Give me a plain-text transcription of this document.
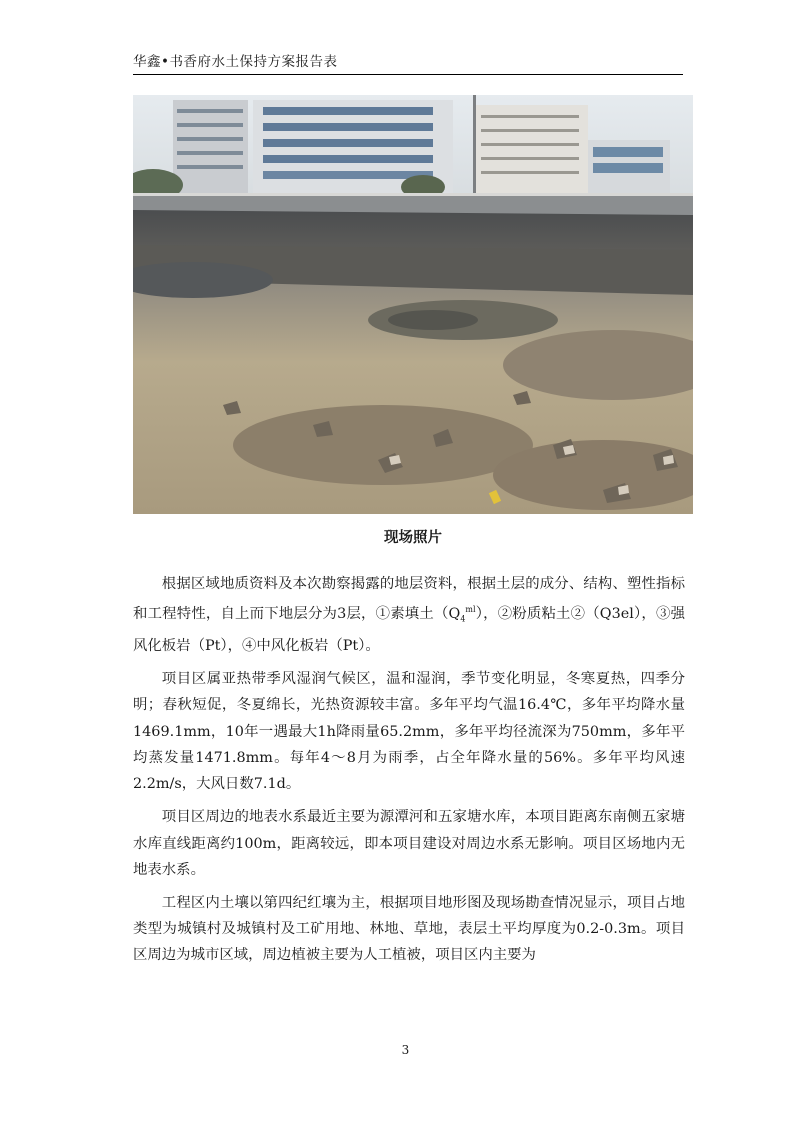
华鑫•书香府水土保持方案报告表
现场照片

根据区域地质资料及本次勘察揭露的地层资料，根据土层的成分、结构、塑性指标和工程特性，自上而下地层分为3层，①素填土$(Q_4^{ml})$，②粉质粘土②（Q3el），③强风化板岩（Pt），④中风化板岩（Pt）。

项目区属亚热带季风湿润气候区，温和湿润，季节变化明显，冬寒夏热，四季分明；春秋短促，冬夏绵长，光热资源较丰富。多年平均气温16.4℃，多年平均降水量1469.1mm，10年一遇最大1h降雨量65.2mm，多年平均径流深为750mm，多年平均蒸发量1471.8mm。每年4～8月为雨季，占全年降水量的56%。多年平均风速2.2m/s，大风日数7.1d。

项目区周边的地表水系最近主要为源潭河和五家塘水库，本项目距离东南侧五家塘水库直线距离约100m，距离较远，即本项目建设对周边水系无影响。项目区场地内无地表水系。

工程区内土壤以第四纪红壤为主，根据项目地形图及现场勘查情况显示，项目占地类型为城镇村及城镇村及工矿用地、林地、草地，表层土平均厚度为0.2-0.3m。项目区周边为城市区域，周边植被主要为人工植被，项目区内主要为

3
